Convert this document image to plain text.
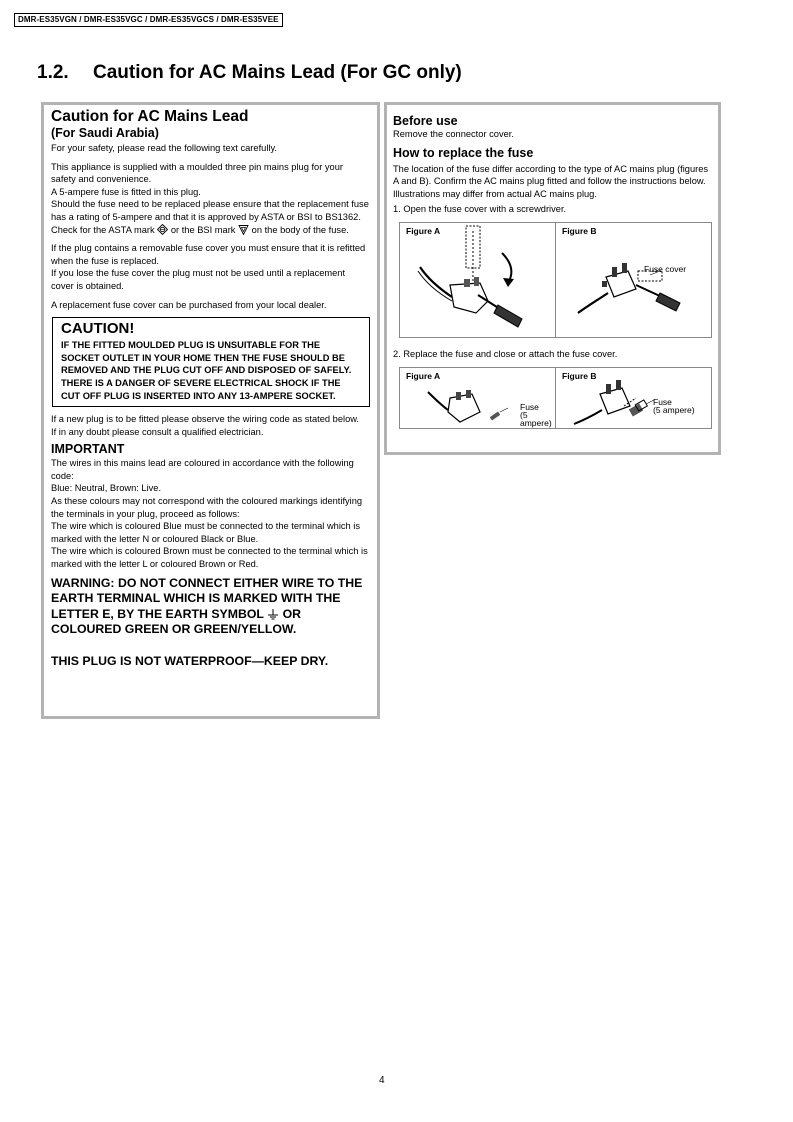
DMR-ES35VGN / DMR-ES35VGC / DMR-ES35VGCS / DMR-ES35VEE
1.2. Caution for AC Mains Lead (For GC only)
Caution for AC Mains Lead
(For Saudi Arabia)

For your safety, please read the following text carefully.

This appliance is supplied with a moulded three pin mains plug for your safety and convenience.

A 5-ampere fuse is fitted in this plug.

Should the fuse need to be replaced please ensure that the replacement fuse has a rating of 5-ampere and that it is approved by ASTA or BSI to BS1362.

Check for the ASTA mark or the BSI mark on the body of the fuse.

If the plug contains a removable fuse cover you must ensure that it is refitted when the fuse is replaced.

If you lose the fuse cover the plug must not be used until a replacement cover is obtained.

A replacement fuse cover can be purchased from your local dealer.

CAUTION!

IF THE FITTED MOULDED PLUG IS UNSUITABLE FOR THE SOCKET OUTLET IN YOUR HOME THEN THE FUSE SHOULD BE REMOVED AND THE PLUG CUT OFF AND DISPOSED OF SAFELY. THERE IS A DANGER OF SEVERE ELECTRICAL SHOCK IF THE CUT OFF PLUG IS INSERTED INTO ANY 13-AMPERE SOCKET.

If a new plug is to be fitted please observe the wiring code as stated below.

If in any doubt please consult a qualified electrician.

IMPORTANT

The wires in this mains lead are coloured in accordance with the following code:

Blue: Neutral, Brown: Live.

As these colours may not correspond with the coloured markings identifying the terminals in your plug, proceed as follows:

The wire which is coloured Blue must be connected to the terminal which is marked with the letter N or coloured Black or Blue.

The wire which is coloured Brown must be connected to the terminal which is marked with the letter L or coloured Brown or Red.

WARNING: DO NOT CONNECT EITHER WIRE TO THE EARTH TERMINAL WHICH IS MARKED WITH THE LETTER E, BY THE EARTH SYMBOL OR COLOURED GREEN OR GREEN/YELLOW.
THIS PLUG IS NOT WATERPROOF—KEEP DRY.
Before use

Remove the connector cover.

How to replace the fuse

The location of the fuse differ according to the type of AC mains plug (figures A and B). Confirm the AC mains plug fitted and follow the instructions below.

Illustrations may differ from actual AC mains plug.

1. Open the fuse cover with a screwdriver.

Figure A	Figure B
Fuse cover

2. Replace the fuse and close or attach the fuse cover.

Figure A
Fuse
(5 ampere)
Figure B
Fuse
(5 ampere)
4
